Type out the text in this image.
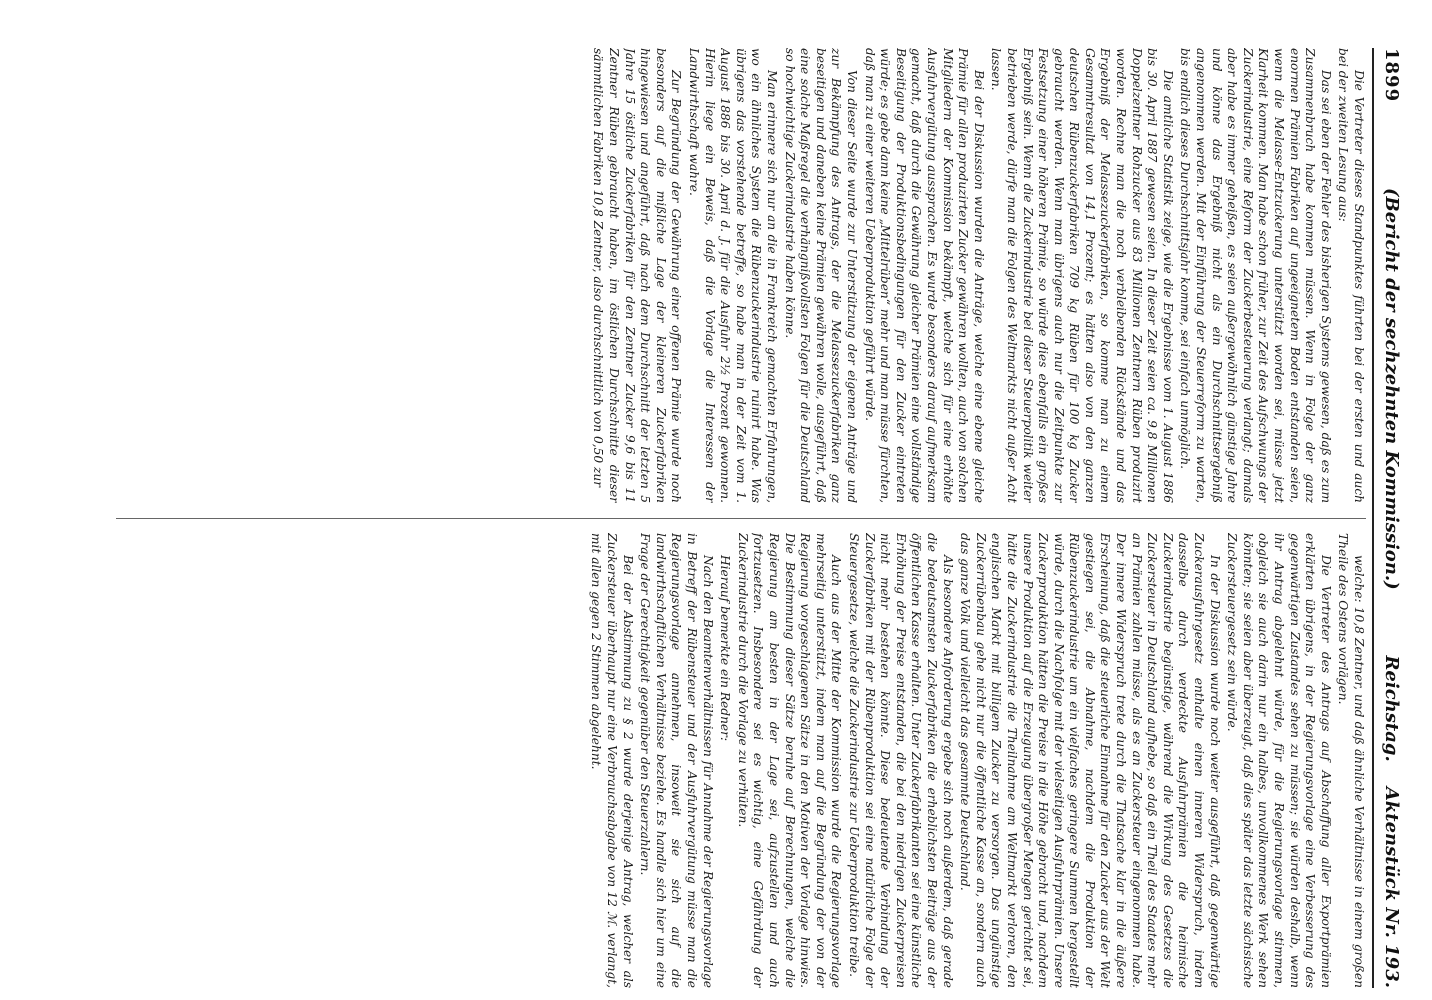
1899
(Bericht der sechzehnten Kommission.)
Reichstag.    Aktenstück Nr. 193.

Die Vertreter dieses Standpunktes führten bei der ersten und auch bei der zweiten Lesung aus:

Das sei eben der Fehler des bisherigen Systems gewesen, daß es zum Zusammenbruch habe kommen müssen. Wenn in Folge der ganz enormen Prämien Fabriken auf ungeeignetem Boden entstanden seien, wenn die Melasse-Entzuckerung unterstützt worden sei, müsse jetzt Klarheit kommen. Man habe schon früher, zur Zeit des Aufschwungs der Zuckerindustrie, eine Reform der Zuckerbesteuerung verlangt; damals aber habe es immer geheißen, es seien außergewöhnlich günstige Jahre und könne das Ergebniß nicht als ein Durchschnittsergebniß angenommen werden. Mit der Einführung der Steuerreform zu warten, bis endlich dieses Durchschnittsjahr komme, sei einfach unmöglich.

Die amtliche Statistik zeige, wie die Ergebnisse vom 1. August 1886 bis 30. April 1887 gewesen seien. In dieser Zeit seien ca. 9,8 Millionen Doppelzentner Rohzucker aus 83 Millionen Zentnern Rüben produzirt worden. Rechne man die noch verbleibenden Rückstände und das Ergebniß der Melassezuckerfabriken, so komme man zu einem Gesammtresultat von 14,1 Prozent; es hätten also von den ganzen deutschen Rübenzuckerfabriken 709 kg Rüben für 100 kg Zucker gebraucht werden. Wenn man übrigens auch nur die Zeitpunkte zur Festsetzung einer höheren Prämie, so würde dies ebenfalls ein großes Ergebniß sein. Wenn die Zuckerindustrie bei dieser Steuerpolitik weiter betrieben werde, dürfe man die Folgen des Weltmarkts nicht außer Acht lassen.

Bei der Diskussion wurden die Anträge, welche eine ebene gleiche Prämie für allen produzirten Zucker gewähren wollten, auch von solchen Mitgliedern der Kommission bekämpft, welche sich für eine erhöhte Ausfuhrvergütung aussprachen. Es wurde besonders darauf aufmerksam gemacht, daß durch die Gewährung gleicher Prämien eine vollständige Beseitigung der Produktionsbedingungen für den Zucker eintreten würde; es gebe dann keine „Mittelrüben“ mehr und man müsse fürchten, daß man zu einer weiteren Ueberproduktion geführt würde.

Von dieser Seite wurde zur Unterstützung der eigenen Anträge und zur Bekämpfung des Antrags, der die Melassezuckerfabriken ganz beseitigen und daneben keine Prämien gewähren wolle, ausgeführt, daß eine solche Maßregel die verhängnißvollsten Folgen für die Deutschland so hochwichtige Zuckerindustrie haben könne.

Man erinnere sich nur an die in Frankreich gemachten Erfahrungen, wo ein ähnliches System die Rübenzuckerindustrie ruinirt habe. Was übrigens das vorstehende betreffe, so habe man in der Zeit vom 1. August 1886 bis 30. April d. J. für die Ausfuhr 2½ Prozent gewonnen. Hierin liege ein Beweis, daß die Vorlage die Interessen der Landwirthschaft wahre.

Zur Begründung der Gewährung einer offenen Prämie wurde noch besonders auf die mißliche Lage der kleineren Zuckerfabriken hingewiesen und angeführt, daß nach dem Durchschnitt der letzten 5 Jahre 15 östliche Zuckerfabriken für den Zentner Zucker 9,6 bis 11 Zentner Rüben gebraucht haben, im östlichen Durchschnitte dieser sämmtlichen Fabriken 10,8 Zentner, also durchschnittlich von 0,50 zur

welche: 10,8 Zentner, und daß ähnliche Verhältnisse in einem großen Theile des Ostens vorlägen.

Die Vertreter des Antrags auf Abschaffung aller Exportprämien erklärten übrigens, in der Regierungsvorlage eine Verbesserung des gegenwärtigen Zustandes sehen zu müssen; sie würden deshalb, wenn ihr Antrag abgelehnt würde, für die Regierungsvorlage stimmen, obgleich sie auch darin nur ein halbes, unvollkommenes Werk sehen könnten; sie seien aber überzeugt, daß dies später das letzte sächsische Zuckersteuergesetz sein würde.

In der Diskussion wurde noch weiter ausgeführt, daß gegenwärtige Zuckerausfuhrgesetz enthalte einen inneren Widerspruch, indem dasselbe durch verdeckte Ausfuhrprämien die heimische Zuckerindustrie begünstige, während die Wirkung des Gesetzes die Zuckersteuer in Deutschland aufhebe, so daß ein Theil des Staates mehr an Prämien zahlen müsse, als es an Zuckersteuer eingenommen habe. Der innere Widerspruch trete durch die Thatsache klar in die äußere Erscheinung, daß die steuerliche Einnahme für den Zucker aus der Welt gestiegen sei, die Abnahme, nachdem die Produktion der Rübenzuckerindustrie um ein vielfaches geringere Summen hergestellt würde, durch die Nachfolge mit der vielseitigen Ausfuhrprämien. Unsere Zuckerproduktion hätten die Preise in die Höhe gebracht und, nachdem unsere Produktion auf die Erzeugung übergroßer Mengen gerichtet sei, hätte die Zuckerindustrie die Theilnahme am Weltmarkt verloren, den englischen Markt mit billigem Zucker zu versorgen. Das ungünstige Zuckerrübenbau gehe nicht nur die öffentliche Kasse an, sondern auch das ganze Volk und vielleicht das gesammte Deutschland.

Als besondere Anforderung ergebe sich noch außerdem, daß gerade die bedeutsamsten Zuckerfabriken die erheblichsten Beiträge aus der öffentlichen Kasse erhalten. Unter Zuckerfabrikanten sei eine künstliche Erhöhung der Preise entstanden, die bei den niedrigen Zuckerpreisen nicht mehr bestehen könnte. Diese bedeutende Verbindung der Zuckerfabriken mit der Rübenproduktion sei eine natürliche Folge der Steuergesetze, welche die Zuckerindustrie zur Ueberproduktion treibe.

Auch aus der Mitte der Kommission wurde die Regierungsvorlage mehrseitig unterstützt, indem man auf die Begründung der von der Regierung vorgeschlagenen Sätze in den Motiven der Vorlage hinwies. Die Bestimmung dieser Sätze beruhe auf Berechnungen, welche die Regierung am besten in der Lage sei, aufzustellen und auch fortzusetzen. Insbesondere sei es wichtig, eine Gefährdung der Zuckerindustrie durch die Vorlage zu verhüten.

Hierauf bemerkte ein Redner:

Nach den Beamtenverhältnissen für Annahme der Regierungsvorlage in Betreff der Rübensteuer und der Ausfuhrvergütung müsse man die Regierungsvorlage annehmen, insoweit sie sich auf die landwirthschaftlichen Verhältnisse beziehe. Es handle sich hier um eine Frage der Gerechtigkeit gegenüber den Steuerzahlern.

Bei der Abstimmung zu § 2 wurde derjenige Antrag, welcher als Zuckersteuer überhaupt nur eine Verbrauchsabgabe von 12 ℳ. verlangt, mit allen gegen 2 Stimmen abgelehnt.
